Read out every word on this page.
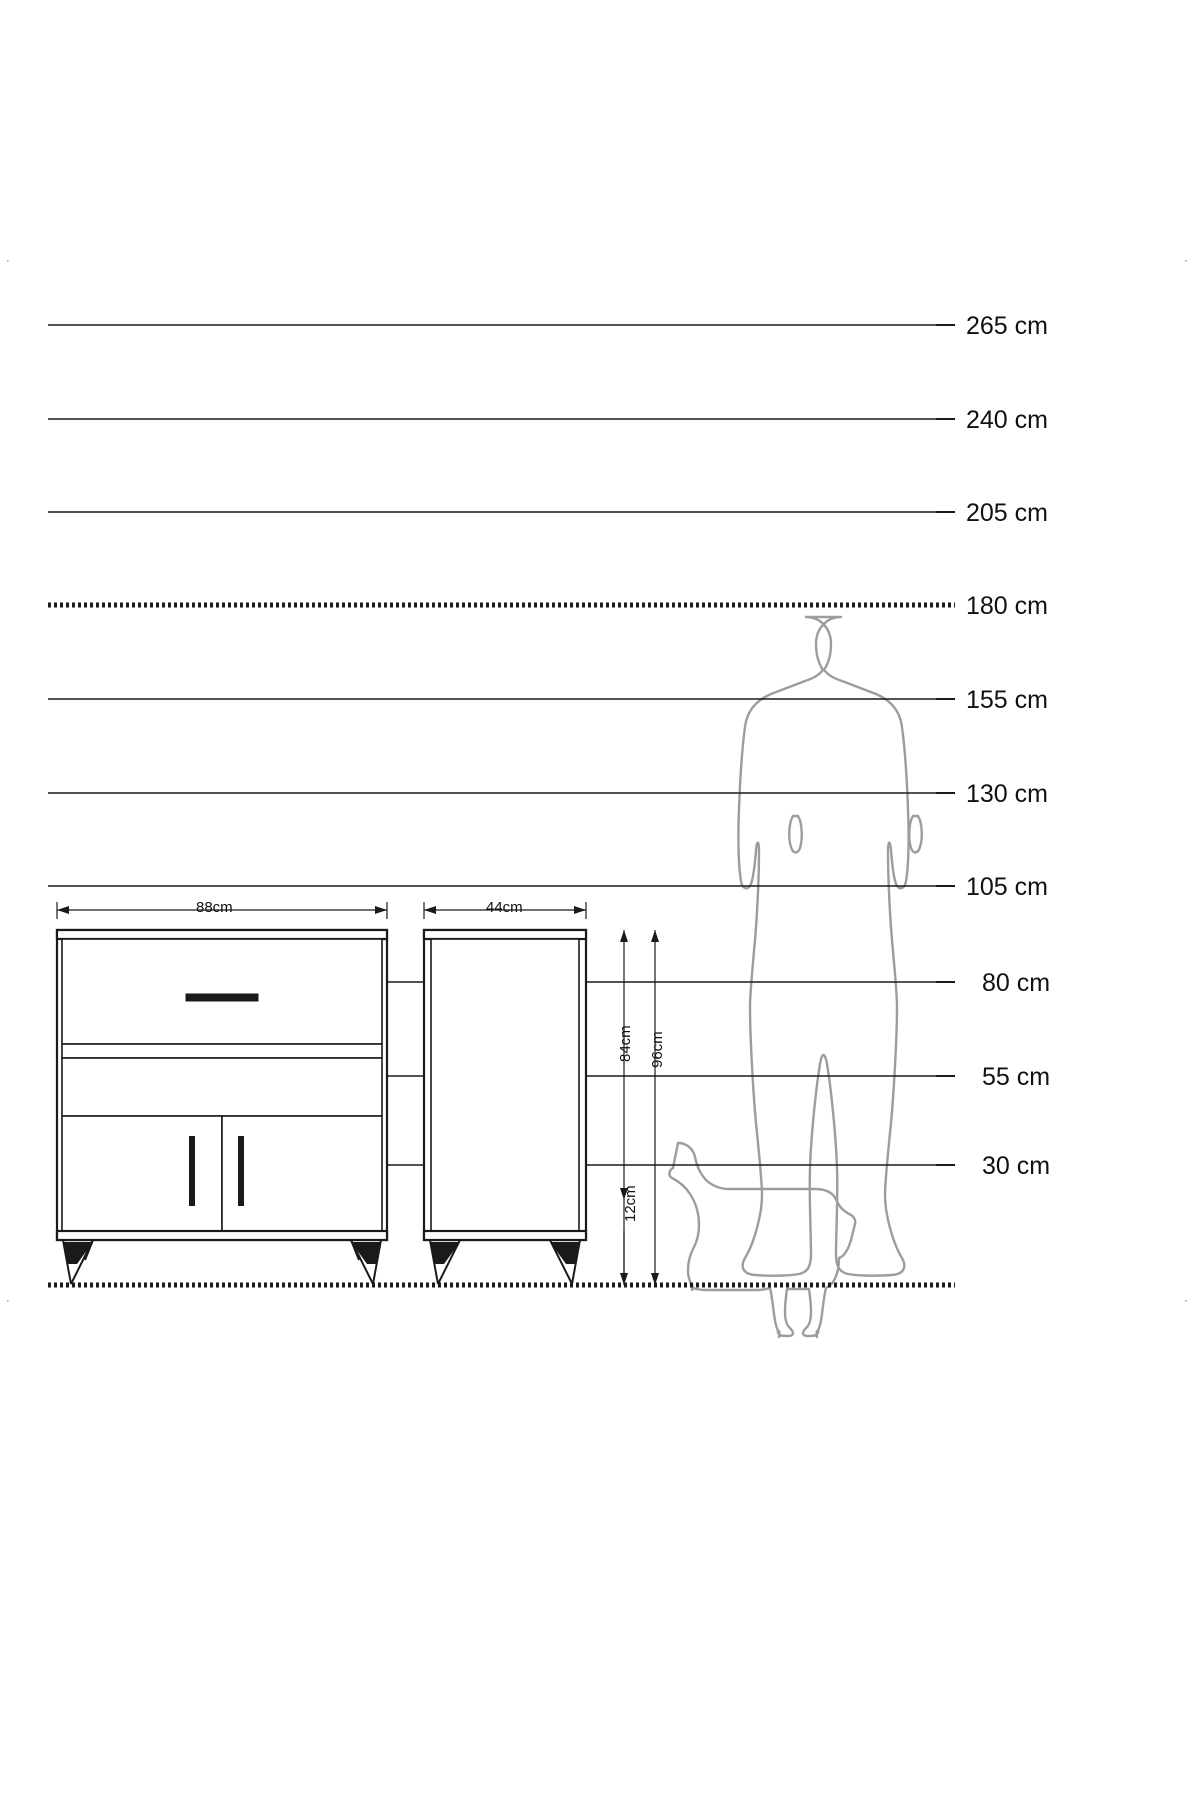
·	·
·	·
265 cm
240 cm
205 cm
180 cm
155 cm
130 cm
105 cm
80 cm
55 cm
30 cm
88cm	44cm
84cm 96cm
12cm
